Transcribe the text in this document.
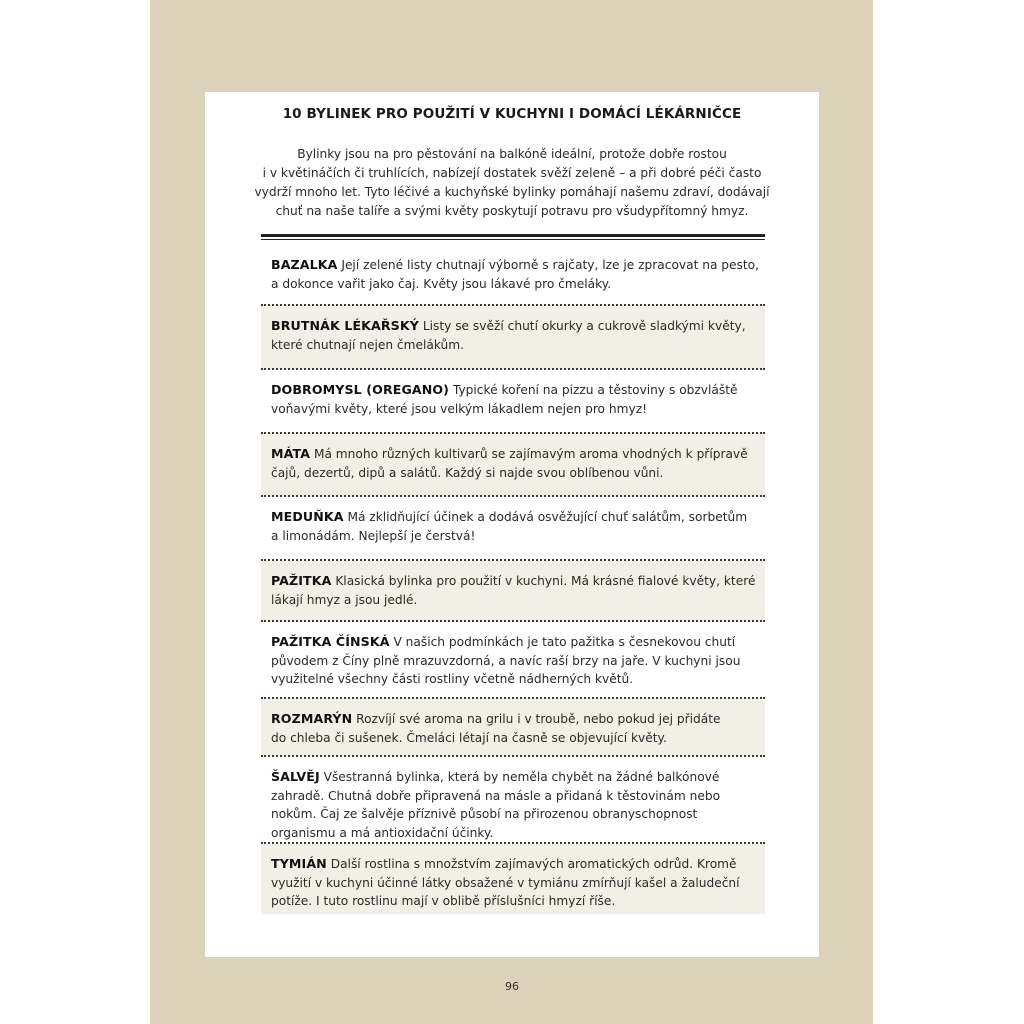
10 BYLINEK PRO POUŽITÍ V KUCHYNI I DOMÁCÍ LÉKÁRNIČCE

Bylinky jsou na pro pěstování na balkóně ideální, protože dobře rostou
i v květináčích či truhlících, nabízejí dostatek svěží zeleně – a při dobré péči často
vydrží mnoho let. Tyto léčivé a kuchyňské bylinky pomáhají našemu zdraví, dodávají
chuť na naše talíře a svými květy poskytují potravu pro všudypřítomný hmyz.

BAZALKA Její zelené listy chutnají výborně s rajčaty, lze je zpracovat na pesto,
a dokonce vařit jako čaj. Květy jsou lákavé pro čmeláky.
BRUTNÁK LÉKAŘSKÝ Listy se svěží chutí okurky a cukrově sladkými květy,
které chutnají nejen čmelákům.
DOBROMYSL (OREGANO) Typické koření na pizzu a těstoviny s obzvláště
voňavými květy, které jsou velkým lákadlem nejen pro hmyz!
MÁTA Má mnoho různých kultivarů se zajímavým aroma vhodných k přípravě
čajů, dezertů, dipů a salátů. Každý si najde svou oblíbenou vůni.
MEDUŇKA Má zklidňující účinek a dodává osvěžující chuť salátům, sorbetům
a limonádám. Nejlepší je čerstvá!
PAŽITKA Klasická bylinka pro použití v kuchyni. Má krásné fialové květy, které
lákají hmyz a jsou jedlé.
PAŽITKA ČÍNSKÁ V našich podmínkách je tato pažitka s česnekovou chutí
původem z Číny plně mrazuvzdorná, a navíc raší brzy na jaře. V kuchyni jsou
využitelné všechny části rostliny včetně nádherných květů.
ROZMARÝN Rozvíjí své aroma na grilu i v troubě, nebo pokud jej přidáte
do chleba či sušenek. Čmeláci létají na časně se objevující květy.
ŠALVĚJ Všestranná bylinka, která by neměla chybět na žádné balkónové
zahradě. Chutná dobře připravená na másle a přidaná k těstovinám nebo
nokům. Čaj ze šalvěje příznivě působí na přirozenou obranyschopnost
organismu a má antioxidační účinky.
TYMIÁN Další rostlina s množstvím zajímavých aromatických odrůd. Kromě
využití v kuchyni účinné látky obsažené v tymiánu zmírňují kašel a žaludeční
potíže. I tuto rostlinu mají v oblibě příslušníci hmyzí říše.
96
